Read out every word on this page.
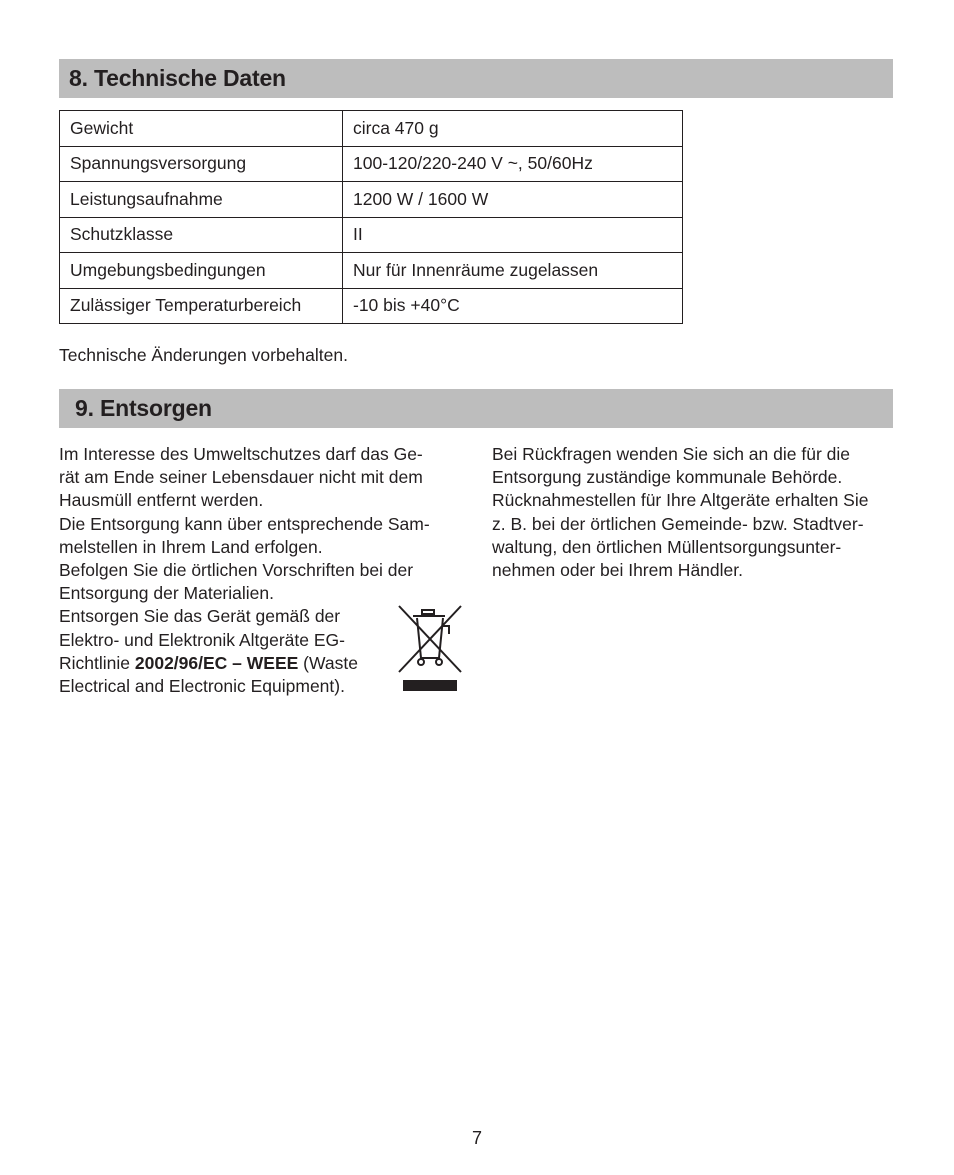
8. Technische Daten
Gewicht	circa 470 g
Spannungsversorgung	100-120/220-240 V ~, 50/60Hz
Leistungsaufnahme	1200 W / 1600 W
Schutzklasse	II
Umgebungsbedingungen	Nur für Innenräume zugelassen
Zulässiger Temperaturbereich	-10 bis +40°C

Technische Änderungen vorbehalten.

9. Entsorgen

Im Interesse des Umweltschutzes darf das Ge-
rät am Ende seiner Lebensdauer nicht mit dem
Hausmüll entfernt werden.

Die Entsorgung kann über entsprechende Sam-
melstellen in Ihrem Land erfolgen.

Befolgen Sie die örtlichen Vorschriften bei der
Entsorgung der Materialien.

Entsorgen Sie das Gerät gemäß der
Elektro- und Elektronik Altgeräte EG-
Richtlinie 2002/96/EC – WEEE (Waste
Electrical and Electronic Equipment).

Bei Rückfragen wenden Sie sich an die für die
Entsorgung zuständige kommunale Behörde.
Rücknahmestellen für Ihre Altgeräte erhalten Sie
z. B. bei der örtlichen Gemeinde- bzw. Stadtver-
waltung, den örtlichen Müllentsorgungsunter-
nehmen oder bei Ihrem Händler.

7
